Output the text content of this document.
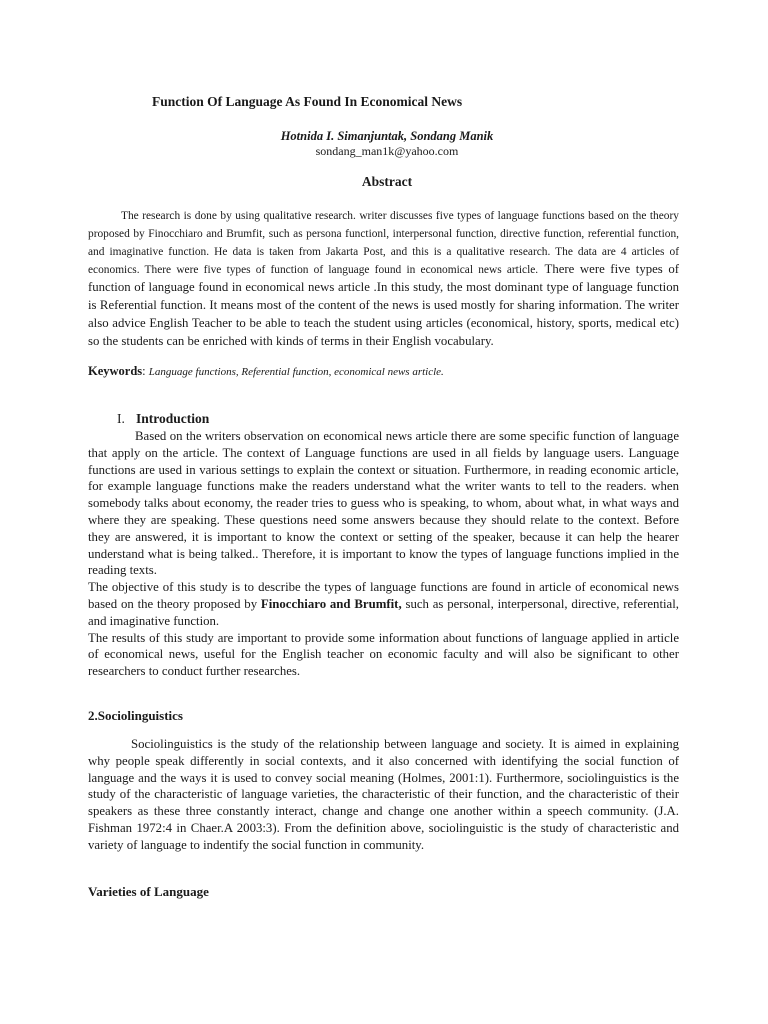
Function Of Language As Found In Economical News
Hotnida I. Simanjuntak, Sondang Manik
sondang_man1k@yahoo.com
Abstract
The research is done by using qualitative research. writer discusses five types of language functions based on the theory proposed by Finocchiaro and Brumfit, such as persona functionl, interpersonal function, directive function, referential function, and imaginative function. He data is taken from Jakarta Post, and this is a qualitative research. The data are 4 articles of economics. There were five types of function of language found in economical news article. There were five types of function of language found in economical news article .In this study, the most dominant type of language function is Referential function. It means most of the content of the news is used mostly for sharing information. The writer also advice English Teacher to be able to teach the student using articles (economical, history, sports, medical etc) so the students can be enriched with kinds of terms in their English vocabulary.
Keywords: Language functions, Referential function, economical news article.
I. Introduction

Based on the writers observation on economical news article there are some specific function of language that apply on the article. The context of Language functions are used in all fields by language users. Language functions are used in various settings to explain the context or situation. Furthermore, in reading economic article, for example language functions make the readers understand what the writer wants to tell to the readers. when somebody talks about economy, the reader tries to guess who is speaking, to whom, about what, in what ways and where they are speaking. These questions need some answers because they should relate to the context. Before they are answered, it is important to know the context or setting of the speaker, because it can help the hearer understand what is being talked.. Therefore, it is important to know the types of language functions implied in the reading texts.

The objective of this study is to describe the types of language functions are found in article of economical news based on the theory proposed by Finocchiaro and Brumfit, such as personal, interpersonal, directive, referential, and imaginative function.

The results of this study are important to provide some information about functions of language applied in article of economical news, useful for the English teacher on economic faculty and will also be significant to other researchers to conduct further researches.

2.Sociolinguistics

Sociolinguistics is the study of the relationship between language and society. It is aimed in explaining why people speak differently in social contexts, and it also concerned with identifying the social function of language and the ways it is used to convey social meaning (Holmes, 2001:1). Furthermore, sociolinguistics is the study of the characteristic of language varieties, the characteristic of their function, and the characteristic of their speakers as these three constantly interact, change and change one another within a speech community. (J.A. Fishman 1972:4 in Chaer.A 2003:3). From the definition above, sociolinguistic is the study of characteristic and variety of language to indentify the social function in community.

Varieties of Language
